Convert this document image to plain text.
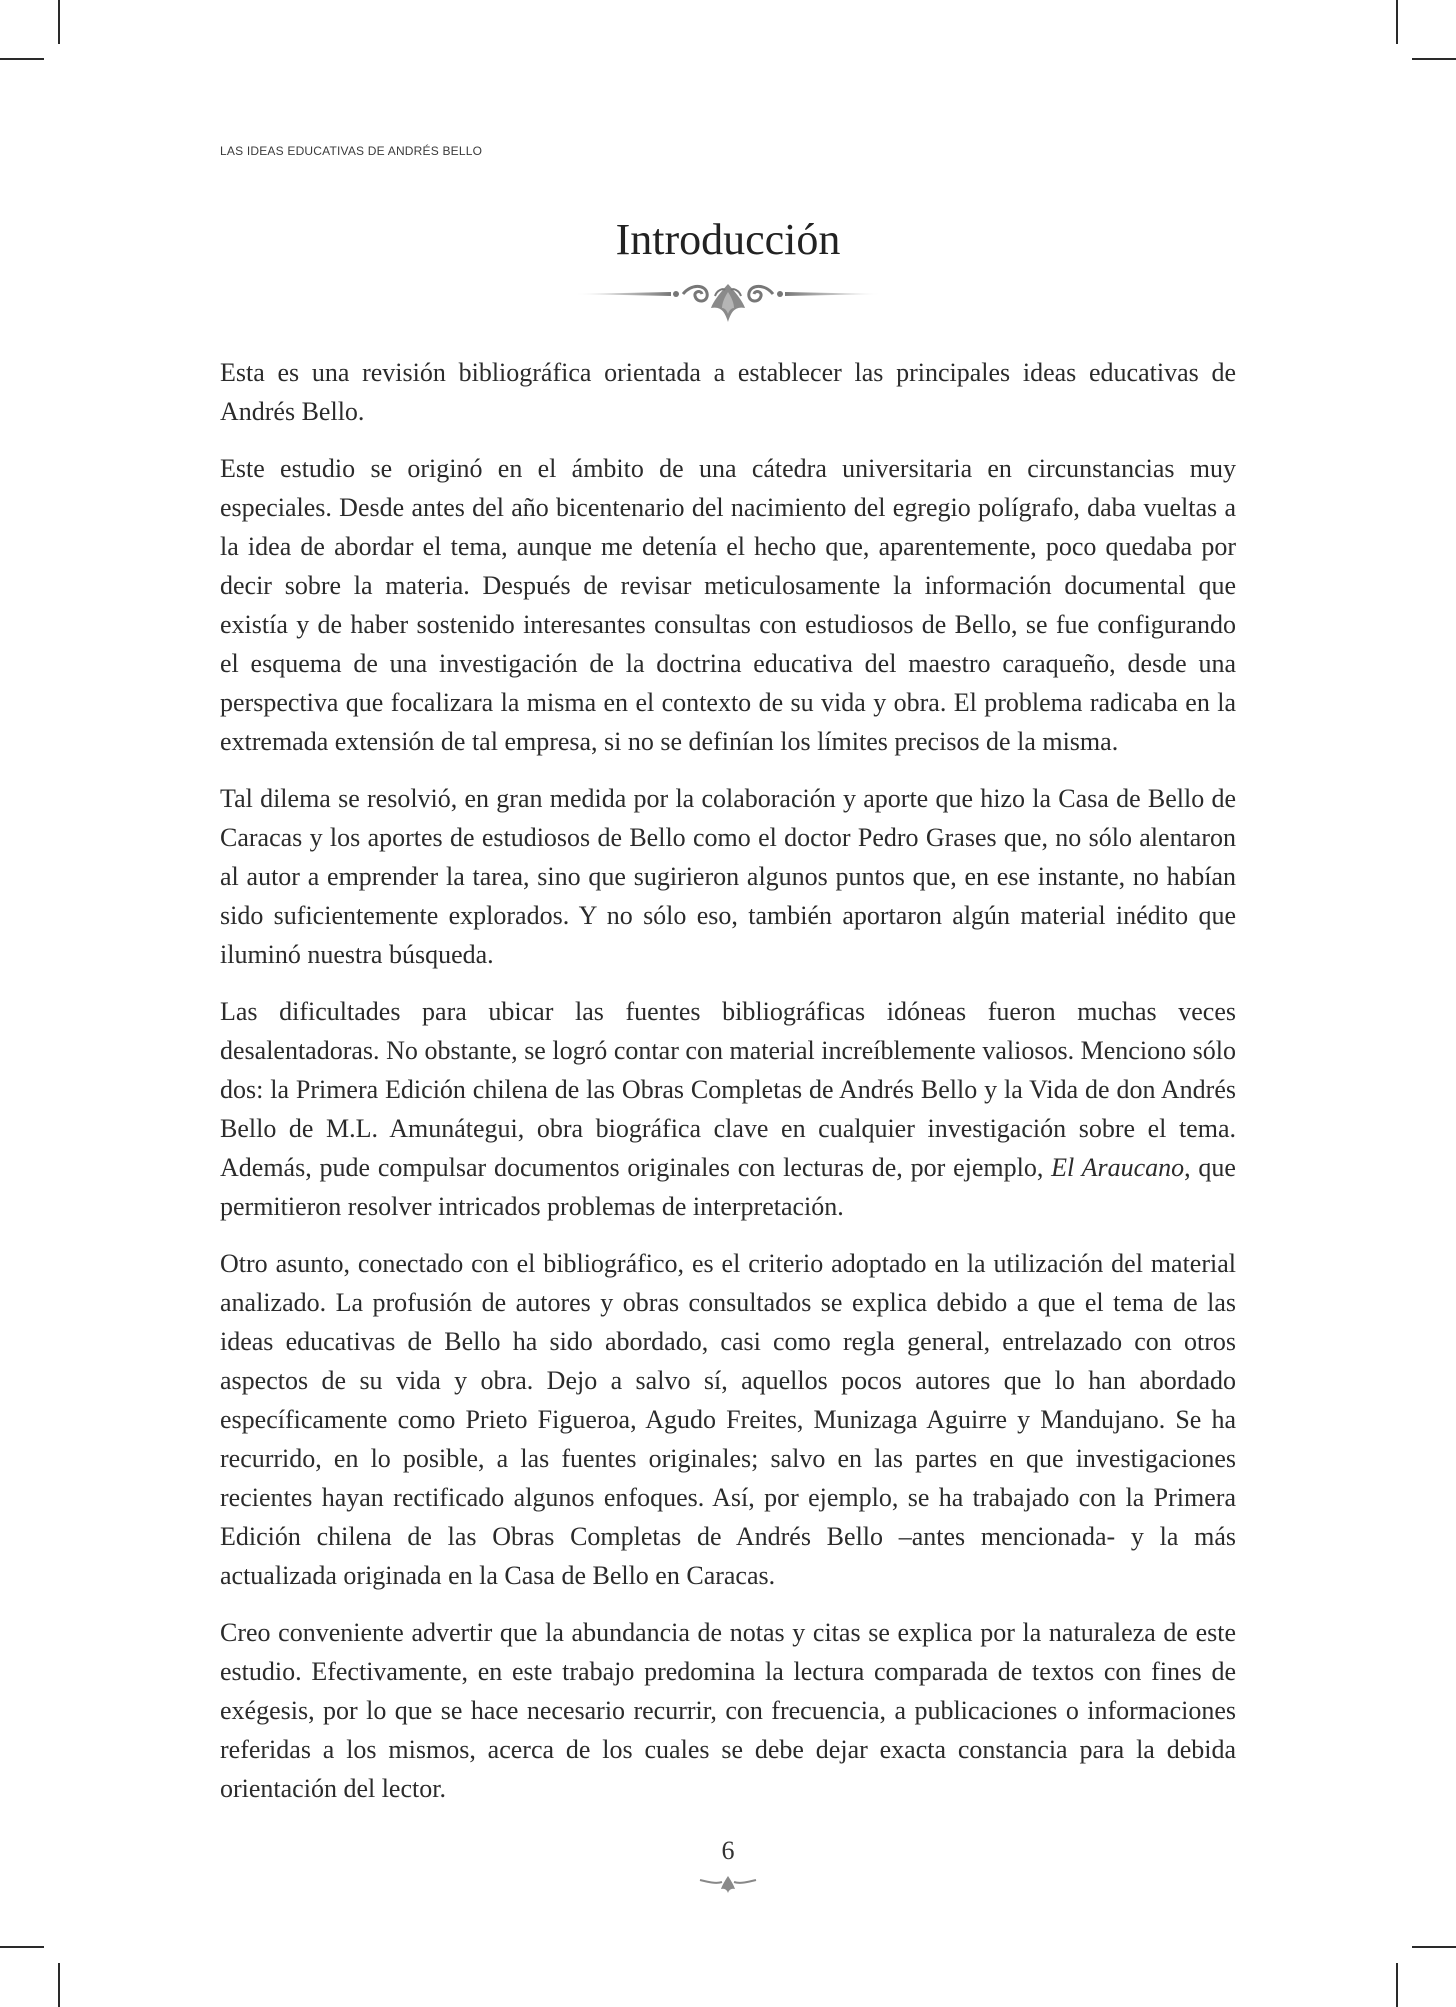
LAS IDEAS EDUCATIVAS DE ANDRÉS BELLO
Introducción

Esta es una revisión bibliográfica orientada a establecer las principales ideas educativas de Andrés Bello.

Este estudio se originó en el ámbito de una cátedra universitaria en circunstancias muy especiales. Desde antes del año bicentenario del nacimiento del egregio polígrafo, daba vueltas a la idea de abordar el tema, aunque me detenía el hecho que, aparentemente, poco quedaba por decir sobre la materia. Después de revisar meticulosamente la información documental que existía y de haber sostenido interesantes consultas con estudiosos de Bello, se fue configurando el esquema de una investigación de la doctrina educativa del maestro caraqueño, desde una perspectiva que focalizara la misma en el contexto de su vida y obra. El problema radicaba en la extremada extensión de tal empresa, si no se definían los límites precisos de la misma.

Tal dilema se resolvió, en gran medida por la colaboración y aporte que hizo la Casa de Bello de Caracas y los aportes de estudiosos de Bello como el doctor Pedro Grases que, no sólo alentaron al autor a emprender la tarea, sino que sugirieron algunos puntos que, en ese instante, no habían sido suficientemente explorados. Y no sólo eso, también aportaron algún material inédito que iluminó nuestra búsqueda.

Las dificultades para ubicar las fuentes bibliográficas idóneas fueron muchas veces desalentadoras. No obstante, se logró contar con material increíblemente valiosos. Menciono sólo dos: la Primera Edición chilena de las Obras Completas de Andrés Bello y la Vida de don Andrés Bello de M.L. Amunátegui, obra biográfica clave en cualquier investigación sobre el tema. Además, pude compulsar documentos originales con lecturas de, por ejemplo, El Araucano, que permitieron resolver intricados problemas de interpretación.

Otro asunto, conectado con el bibliográfico, es el criterio adoptado en la utilización del material analizado. La profusión de autores y obras consultados se explica debido a que el tema de las ideas educativas de Bello ha sido abordado, casi como regla general, entrelazado con otros aspectos de su vida y obra. Dejo a salvo sí, aquellos pocos autores que lo han abordado específicamente como Prieto Figueroa, Agudo Freites, Munizaga Aguirre y Mandujano. Se ha recurrido, en lo posible, a las fuentes originales; salvo en las partes en que investigaciones recientes hayan rectificado algunos enfoques. Así, por ejemplo, se ha trabajado con la Primera Edición chilena de las Obras Completas de Andrés Bello –antes mencionada- y la más actualizada originada en la Casa de Bello en Caracas.

Creo conveniente advertir que la abundancia de notas y citas se explica por la naturaleza de este estudio. Efectivamente, en este trabajo predomina la lectura comparada de textos con fines de exégesis, por lo que se hace necesario recurrir, con frecuencia, a publicaciones o informaciones referidas a los mismos, acerca de los cuales se debe dejar exacta constancia para la debida orientación del lector.

6
